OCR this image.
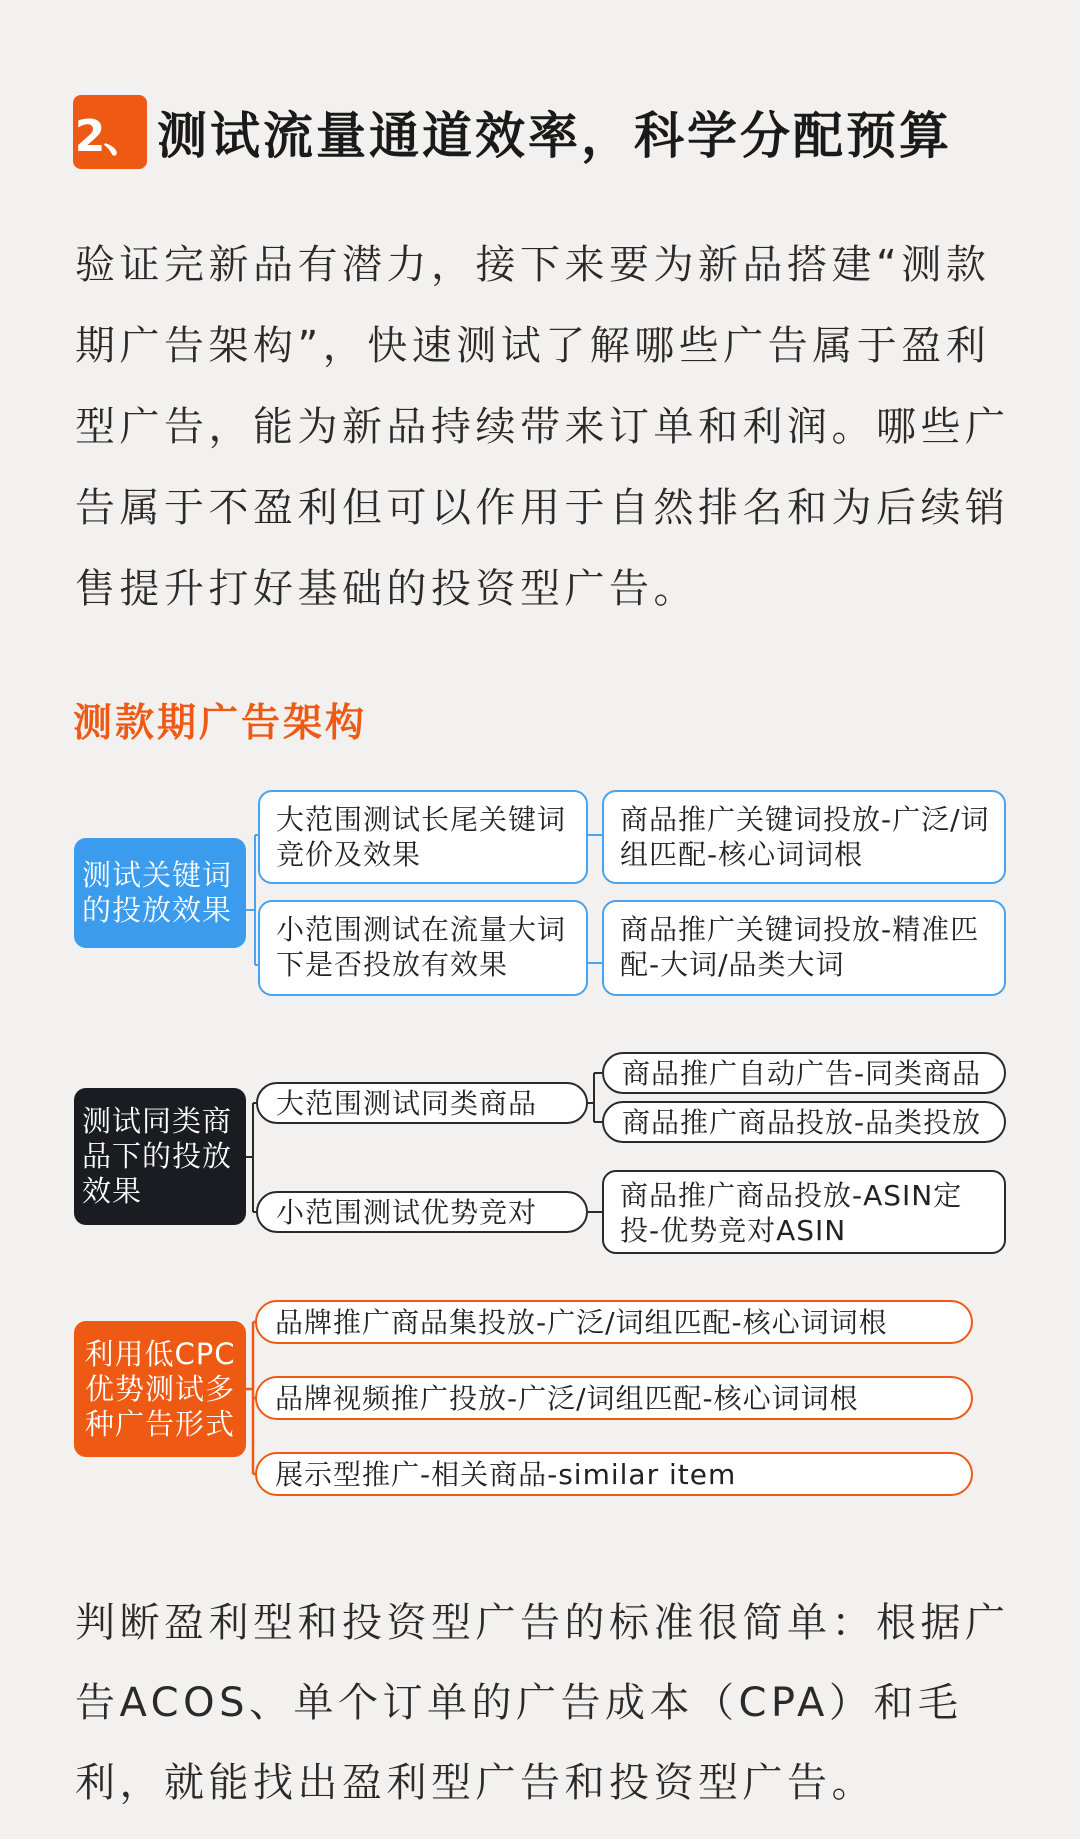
2、 测试流量通道效率，科学分配预算

验证完新品有潜力，接下来要为新品搭建“测款期广告架构”，快速测试了解哪些广告属于盈利型广告，能为新品持续带来订单和利润。哪些广告属于不盈利但可以作用于自然排名和为后续销售提升打好基础的投资型广告。

测款期广告架构
测试关键词的投放效果
大范围测试长尾关键词竞价及效果
商品推广关键词投放-广泛/词组匹配-核心词词根
小范围测试在流量大词下是否投放有效果
商品推广关键词投放-精准匹配-大词/品类大词
测试同类商品下的投放效果
大范围测试同类商品
商品推广自动广告-同类商品
商品推广商品投放-品类投放
小范围测试优势竞对	商品推广商品投放-ASIN定投-优势竞对ASIN
利用低CPC优势测试多种广告形式
品牌推广商品集投放-广泛/词组匹配-核心词词根
品牌视频推广投放-广泛/词组匹配-核心词词根
展示型推广-相关商品-similar item

判断盈利型和投资型广告的标准很简单：根据广告ACOS、单个订单的广告成本（CPA）和毛利，就能找出盈利型广告和投资型广告。
